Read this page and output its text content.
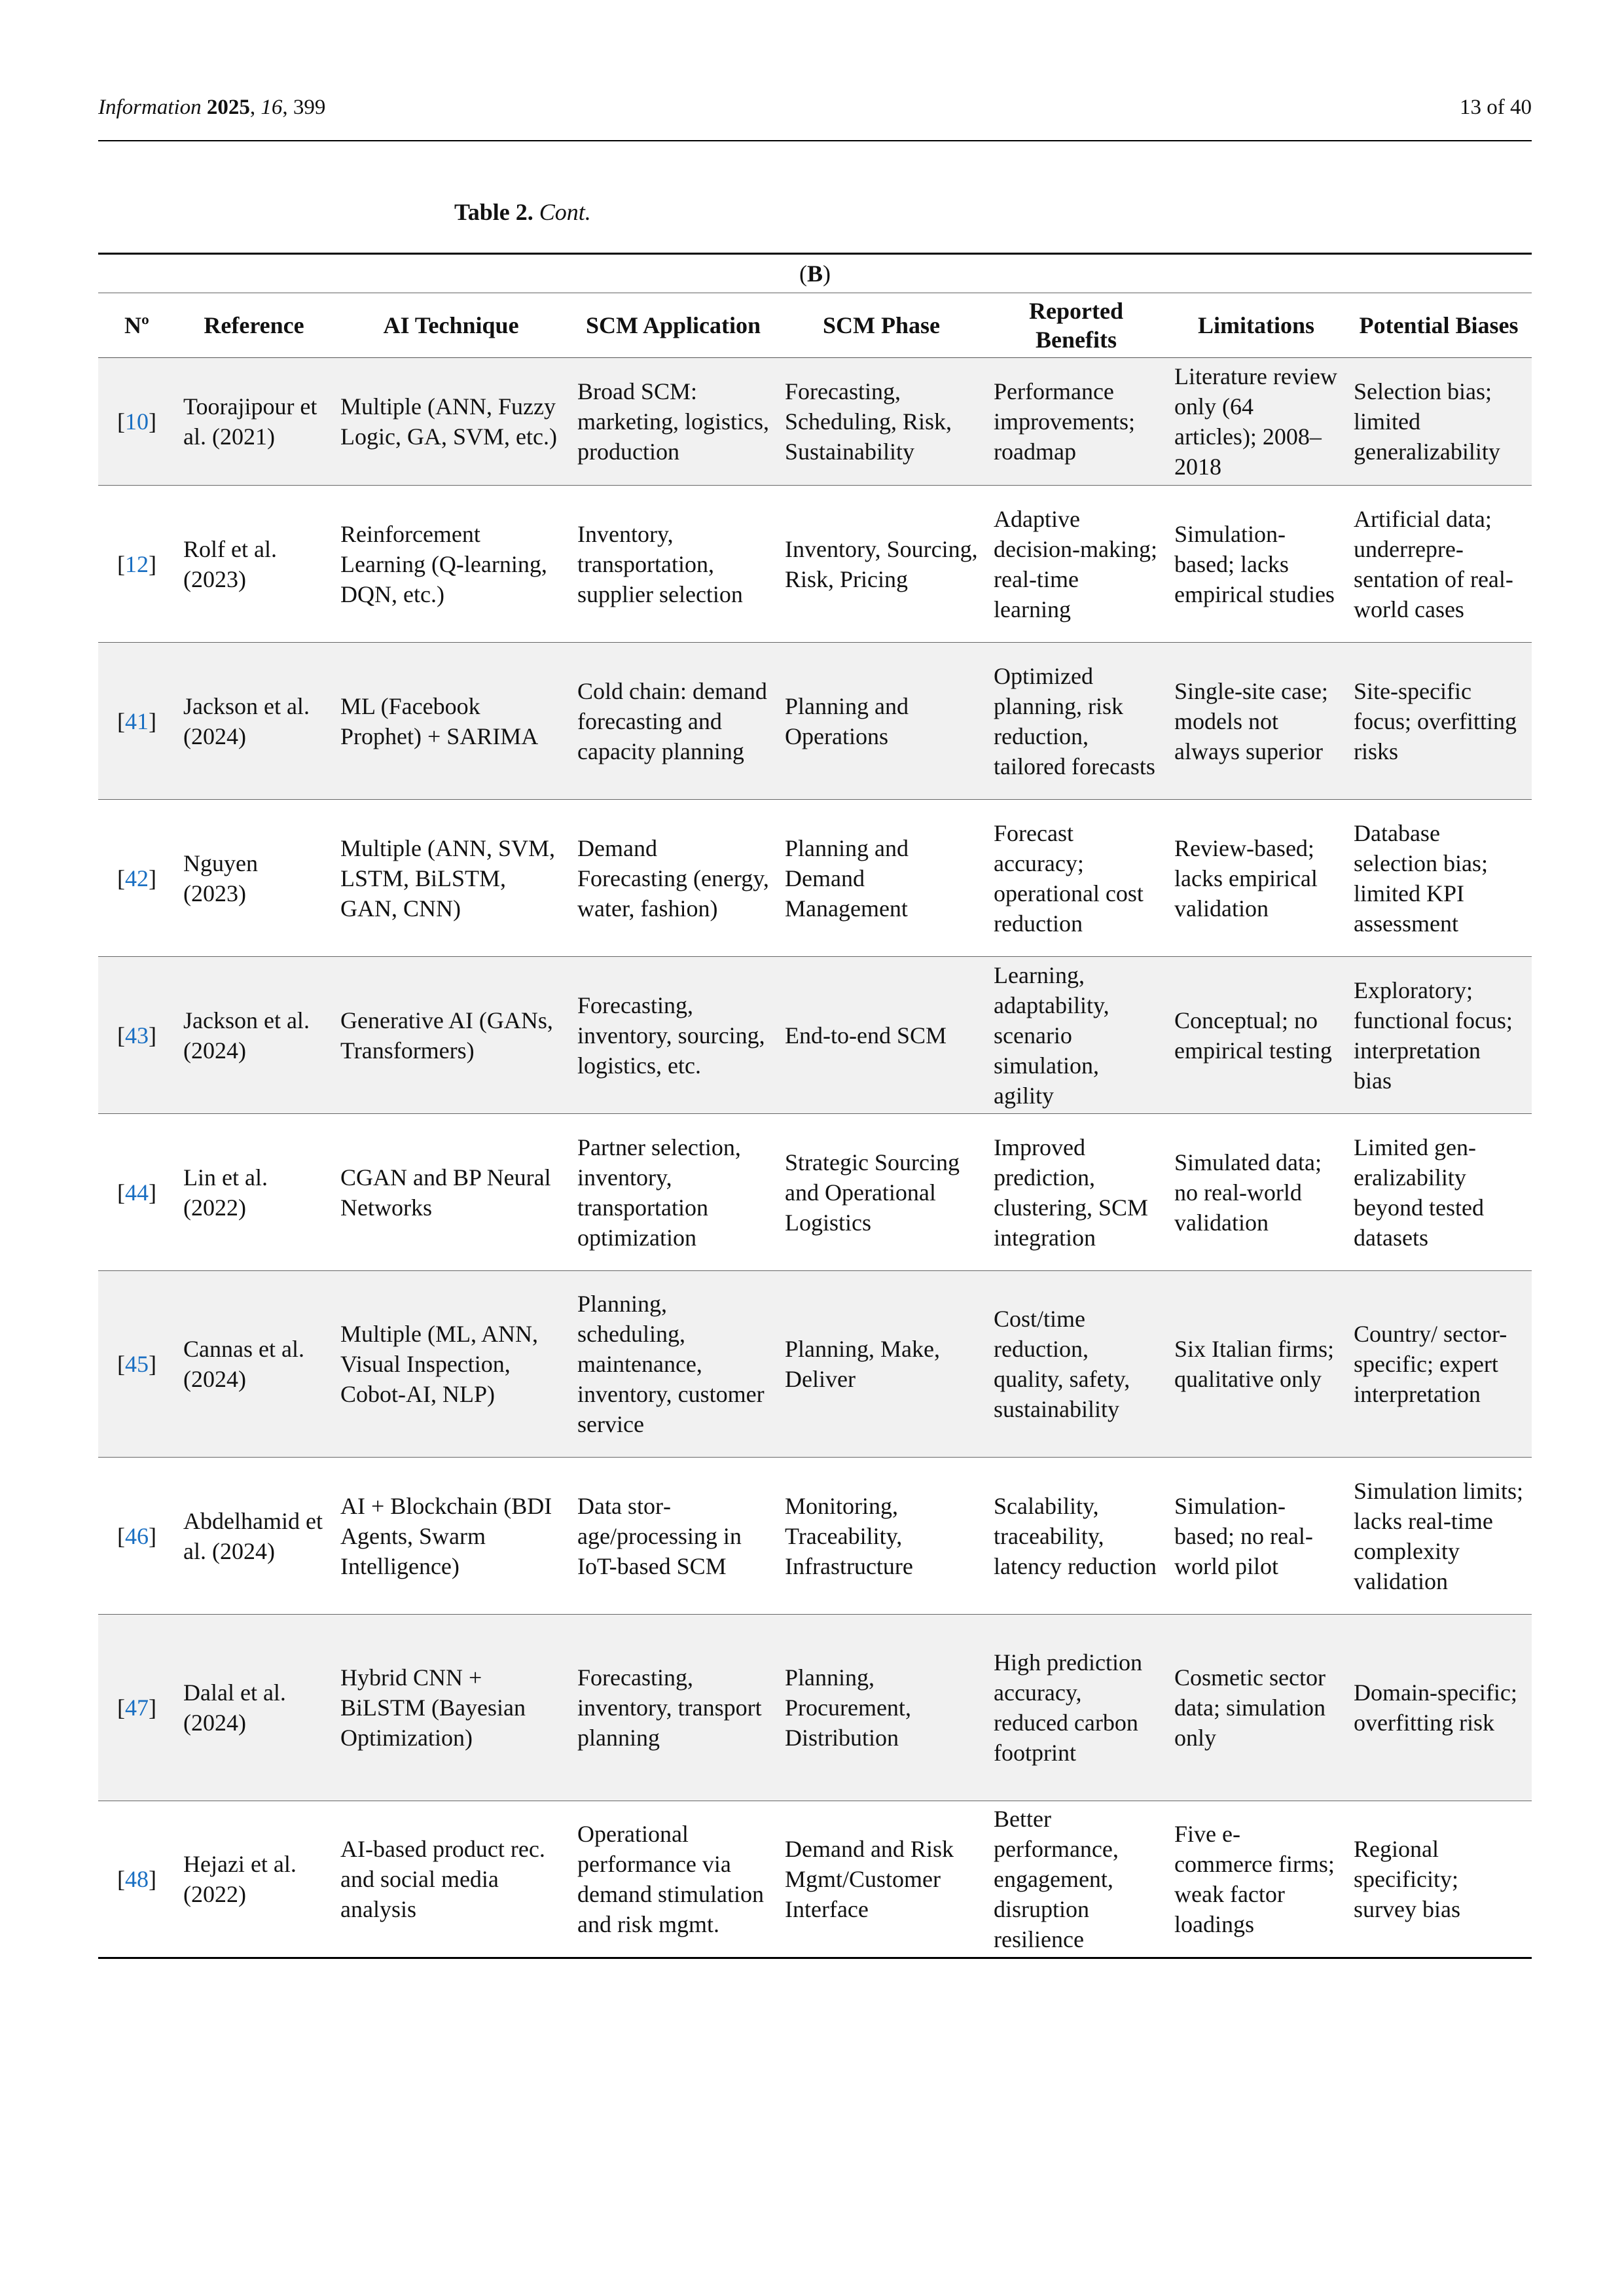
Information 2025, 16, 399	13 of 40
Table 2. Cont.
(B)							
Nº	Reference	AI Technique	SCM Application	SCM Phase	Reported Benefits	Limitations	Potential Biases
[10]	Toorajipour et al. (2021)	Multiple (ANN, Fuzzy Logic, GA, SVM, etc.)	Broad SCM: marketing, logistics, production	Forecasting, Scheduling, Risk, Sustainability	Performance improvements; roadmap	Literature review only (64 articles); 2008–2018	Selection bias; limited generalizability
[12]	Rolf et al. (2023)	Reinforcement Learning (Q-learning, DQN, etc.)	Inventory, transportation, supplier selection	Inventory, Sourcing, Risk, Pricing	Adaptive decision-making; real-time learning	Simulation-based; lacks empirical studies	Artificial data; underrepresentation of real-world cases
[41]	Jackson et al. (2024)	ML (Facebook Prophet) + SARIMA	Cold chain: demand forecasting and capacity planning	Planning and Operations	Optimized planning, risk reduction, tailored forecasts	Single-site case; models not always superior	Site-specific focus; overfitting risks
[42]	Nguyen (2023)	Multiple (ANN, SVM, LSTM, BiLSTM, GAN, CNN)	Demand Forecasting (energy, water, fashion)	Planning and Demand Management	Forecast accuracy; operational cost reduction	Review-based; lacks empirical validation	Database selection bias; limited KPI assessment
[43]	Jackson et al. (2024)	Generative AI (GANs, Transformers)	Forecasting, inventory, sourcing, logistics, etc.	End-to-end SCM	Learning, adaptability, scenario simulation, agility	Conceptual; no empirical testing	Exploratory; functional focus; interpretation bias
[44]	Lin et al. (2022)	CGAN and BP Neural Networks	Partner selection, inventory, transportation optimization	Strategic Sourcing and Operational Logistics	Improved prediction, clustering, SCM integration	Simulated data; no real-world validation	Limited generalizability beyond tested datasets
[45]	Cannas et al. (2024)	Multiple (ML, ANN, Visual Inspection, Cobot-AI, NLP)	Planning, scheduling, maintenance, inventory, customer service	Planning, Make, Deliver	Cost/time reduction, quality, safety, sustainability	Six Italian firms; qualitative only	Country/ sector-specific; expert interpretation
[46]	Abdelhamid et al. (2024)	AI + Blockchain (BDI Agents, Swarm Intelligence)	Data storage/processing in IoT-based SCM	Monitoring, Traceability, Infrastructure	Scalability, traceability, latency reduction	Simulation-based; no real-world pilot	Simulation limits; lacks real-time complexity validation
[47]	Dalal et al. (2024)	Hybrid CNN + BiLSTM (Bayesian Optimization)	Forecasting, inventory, transport planning	Planning, Procurement, Distribution	High prediction accuracy, reduced carbon footprint	Cosmetic sector data; simulation only	Domain-specific; overfitting risk
[48]	Hejazi et al. (2022)	AI-based product rec. and social media analysis	Operational performance via demand stimulation and risk mgmt.	Demand and Risk Mgmt/Customer Interface	Better performance, engagement, disruption resilience	Five e-commerce firms; weak factor loadings	Regional specificity; survey bias
